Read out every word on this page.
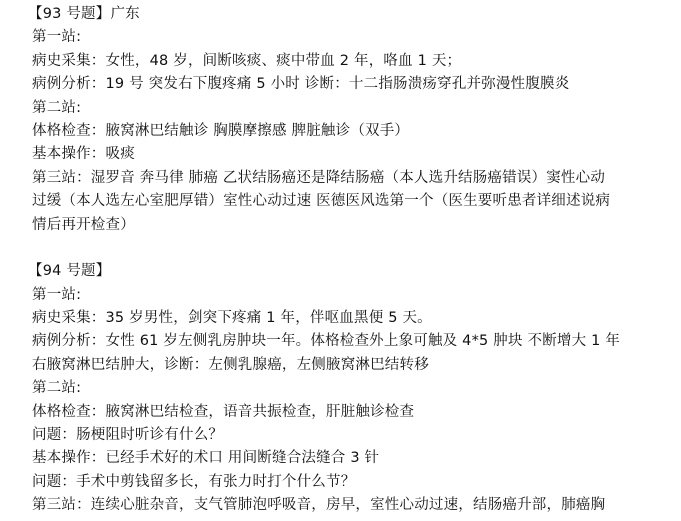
【93 号题】广东
第一站:
病史采集：女性，48 岁，间断咳痰、痰中带血 2 年，咯血 1 天；
病例分析：19 号 突发右下腹疼痛 5 小时 诊断：十二指肠溃疡穿孔并弥漫性腹膜炎
第二站:
体格检查：腋窝淋巴结触诊 胸膜摩擦感 脾脏触诊（双手）
基本操作：吸痰
第三站：湿罗音 奔马律 肺癌 乙状结肠癌还是降结肠癌（本人选升结肠癌错误）窦性心动
过缓（本人选左心室肥厚错）室性心动过速 医德医风选第一个（医生要听患者详细述说病
情后再开检查）
【94 号题】
第一站:
病史采集：35 岁男性，剑突下疼痛 1 年，伴呕血黑便 5 天。
病例分析：女性 61 岁左侧乳房肿块一年。体格检查外上象可触及 4*5 肿块 不断增大 1 年
右腋窝淋巴结肿大，诊断：左侧乳腺癌，左侧腋窝淋巴结转移
第二站:
体格检查：腋窝淋巴结检查，语音共振检查，肝脏触诊检查
问题：肠梗阻时听诊有什么？
基本操作：已经手术好的术口 用间断缝合法缝合 3 针
问题：手术中剪钱留多长，有张力时打个什么节？
第三站：连续心脏杂音，支气管肺泡呼吸音，房早，室性心动过速，结肠癌升部，肺癌胸
